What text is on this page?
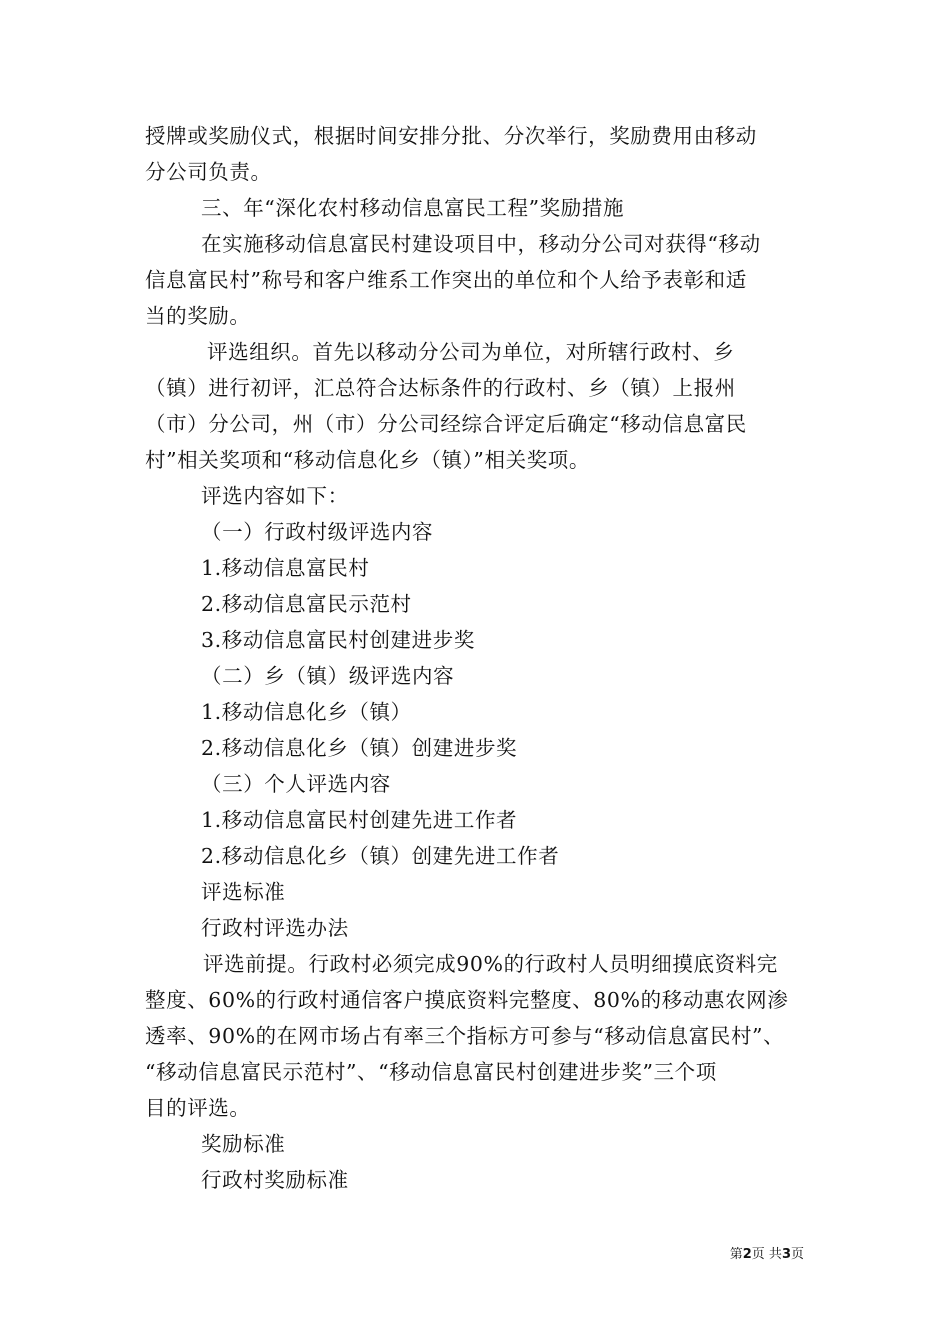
授牌或奖励仪式，根据时间安排分批、分次举行，奖励费用由移动
分公司负责。
三、年“深化农村移动信息富民工程”奖励措施
在实施移动信息富民村建设项目中，移动分公司对获得“移动
信息富民村”称号和客户维系工作突出的单位和个人给予表彰和适
当的奖励。
评选组织。首先以移动分公司为单位，对所辖行政村、乡
（镇）进行初评，汇总符合达标条件的行政村、乡（镇）上报州
（市）分公司，州（市）分公司经综合评定后确定“移动信息富民
村”相关奖项和“移动信息化乡（镇）”相关奖项。
评选内容如下：
（一）行政村级评选内容
1.移动信息富民村
2.移动信息富民示范村
3.移动信息富民村创建进步奖
（二）乡（镇）级评选内容
1.移动信息化乡（镇）
2.移动信息化乡（镇）创建进步奖
（三）个人评选内容
1.移动信息富民村创建先进工作者
2.移动信息化乡（镇）创建先进工作者
评选标准
行政村评选办法
评选前提。行政村必须完成90%的行政村人员明细摸底资料完
整度、60%的行政村通信客户摸底资料完整度、80%的移动惠农网渗
透率、90%的在网市场占有率三个指标方可参与“移动信息富民村”、
“移动信息富民示范村”、“移动信息富民村创建进步奖”三个项
目的评选。
奖励标准
行政村奖励标准
第2页 共3页
